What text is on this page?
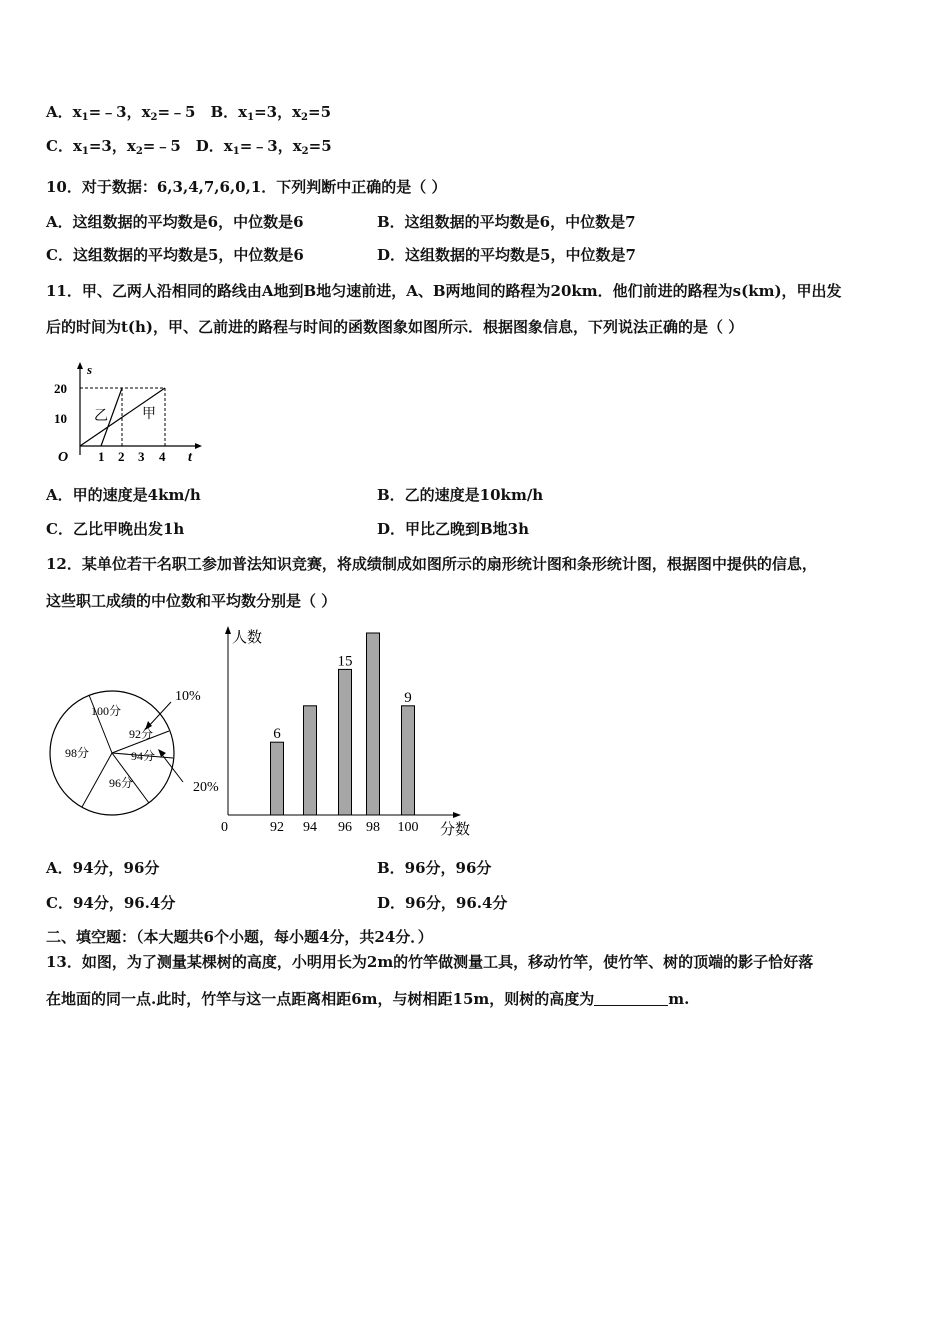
A．$x_1=﹣3$，$x_2=﹣5$　B．$x_1=3$，$x_2=5$
C．$x_1=3$，$x_2=﹣5$　D．$x_1=﹣3$，$x_2=5$
10．对于数据：6,3,4,7,6,0,1．下列判断中正确的是（ ）
A．这组数据的平均数是6，中位数是6	B．这组数据的平均数是6，中位数是7
C．这组数据的平均数是5，中位数是6	D．这组数据的平均数是5，中位数是7
11．甲、乙两人沿相同的路线由A地到B地匀速前进，A、B两地间的路程为20km．他们前进的路程为s(km)，甲出发
后的时间为t(h)，甲、乙前进的路程与时间的函数图象如图所示．根据图象信息，下列说法正确的是（ ）
s
t
O
20
10
1 2 3 4
乙 甲
A．甲的速度是4km/h	B．乙的速度是10km/h
C．乙比甲晚出发1h	D．甲比乙晚到B地3h
12．某单位若干名职工参加普法知识竞赛，将成绩制成如图所示的扇形统计图和条形统计图，根据图中提供的信息，
这些职工成绩的中位数和平均数分别是（ ）
100分
92分
94分
98分
96分
10%
20%
人数
分数
0	92
6
94 96
15
98 100
9
A．94分，96分	B．96分，96分
C．94分，96.4分	D．96分，96.4分
二、填空题：（本大题共6个小题，每小题4分，共24分．）
13．如图，为了测量某棵树的高度，小明用长为2m的竹竿做测量工具，移动竹竿，使竹竿、树的顶端的影子恰好落
在地面的同一点.此时，竹竿与这一点距离相距6m，与树相距15m，则树的高度为	m.
